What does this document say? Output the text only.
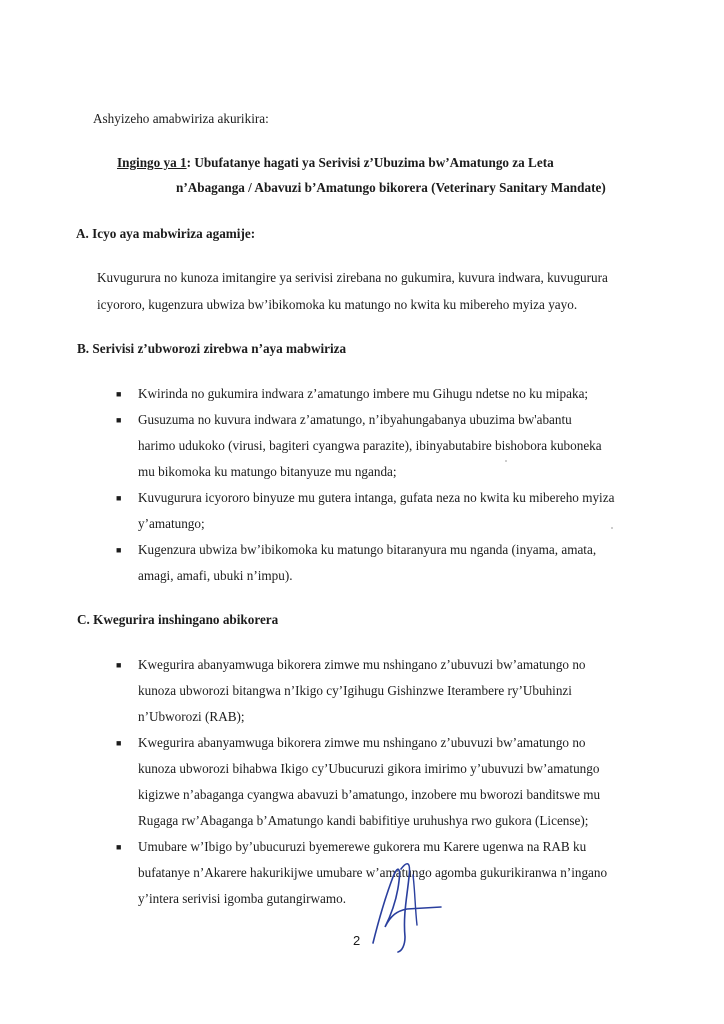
Ashyizeho amabwiriza akurikira:
Ingingo ya 1: Ubufatanye hagati ya Serivisi z’Ubuzima bw’Amatungo za Leta
n’Abaganga / Abavuzi b’Amatungo bikorera (Veterinary Sanitary Mandate)
A. Icyo aya mabwiriza agamije:
Kuvugurura no kunoza imitangire ya serivisi zirebana no gukumira, kuvura indwara, kuvugurura
icyororo, kugenzura ubwiza bw’ibikomoka ku matungo no kwita ku mibereho myiza yayo.
B. Serivisi z’ubworozi zirebwa n’aya mabwiriza
■ Kwirinda no gukumira indwara z’amatungo imbere mu Gihugu ndetse no ku mipaka;
■ Gusuzuma no kuvura indwara z’amatungo, n’ibyahungabanya ubuzima bw'abantu
harimo udukoko (virusi, bagiteri cyangwa parazite), ibinyabutabire bishobora kuboneka
mu bikomoka ku matungo bitanyuze mu nganda;
■ Kuvugurura icyororo binyuze mu gutera intanga, gufata neza no kwita ku mibereho myiza
y’amatungo;
■ Kugenzura ubwiza bw’ibikomoka ku matungo bitaranyura mu nganda (inyama, amata,
amagi, amafi, ubuki n’impu).
C. Kwegurira inshingano abikorera
■ Kwegurira abanyamwuga bikorera zimwe mu nshingano z’ubuvuzi bw’amatungo no
kunoza ubworozi bitangwa n’Ikigo cy’Igihugu Gishinzwe Iterambere ry’Ubuhinzi
n’Ubworozi (RAB);
■ Kwegurira abanyamwuga bikorera zimwe mu nshingano z’ubuvuzi bw’amatungo no
kunoza ubworozi bihabwa Ikigo cy’Ubucuruzi gikora imirimo y’ubuvuzi bw’amatungo
kigizwe n’abaganga cyangwa abavuzi b’amatungo, inzobere mu bworozi banditswe mu
Rugaga rw’Abaganga b’Amatungo kandi babifitiye uruhushya rwo gukora (License);
■ Umubare w’Ibigo by’ubucuruzi byemerewe gukorera mu Karere ugenwa na RAB ku
bufatanye n’Akarere hakurikijwe umubare w’amatungo agomba gukurikiranwa n’ingano
y’intera serivisi igomba gutangirwamo.
2
